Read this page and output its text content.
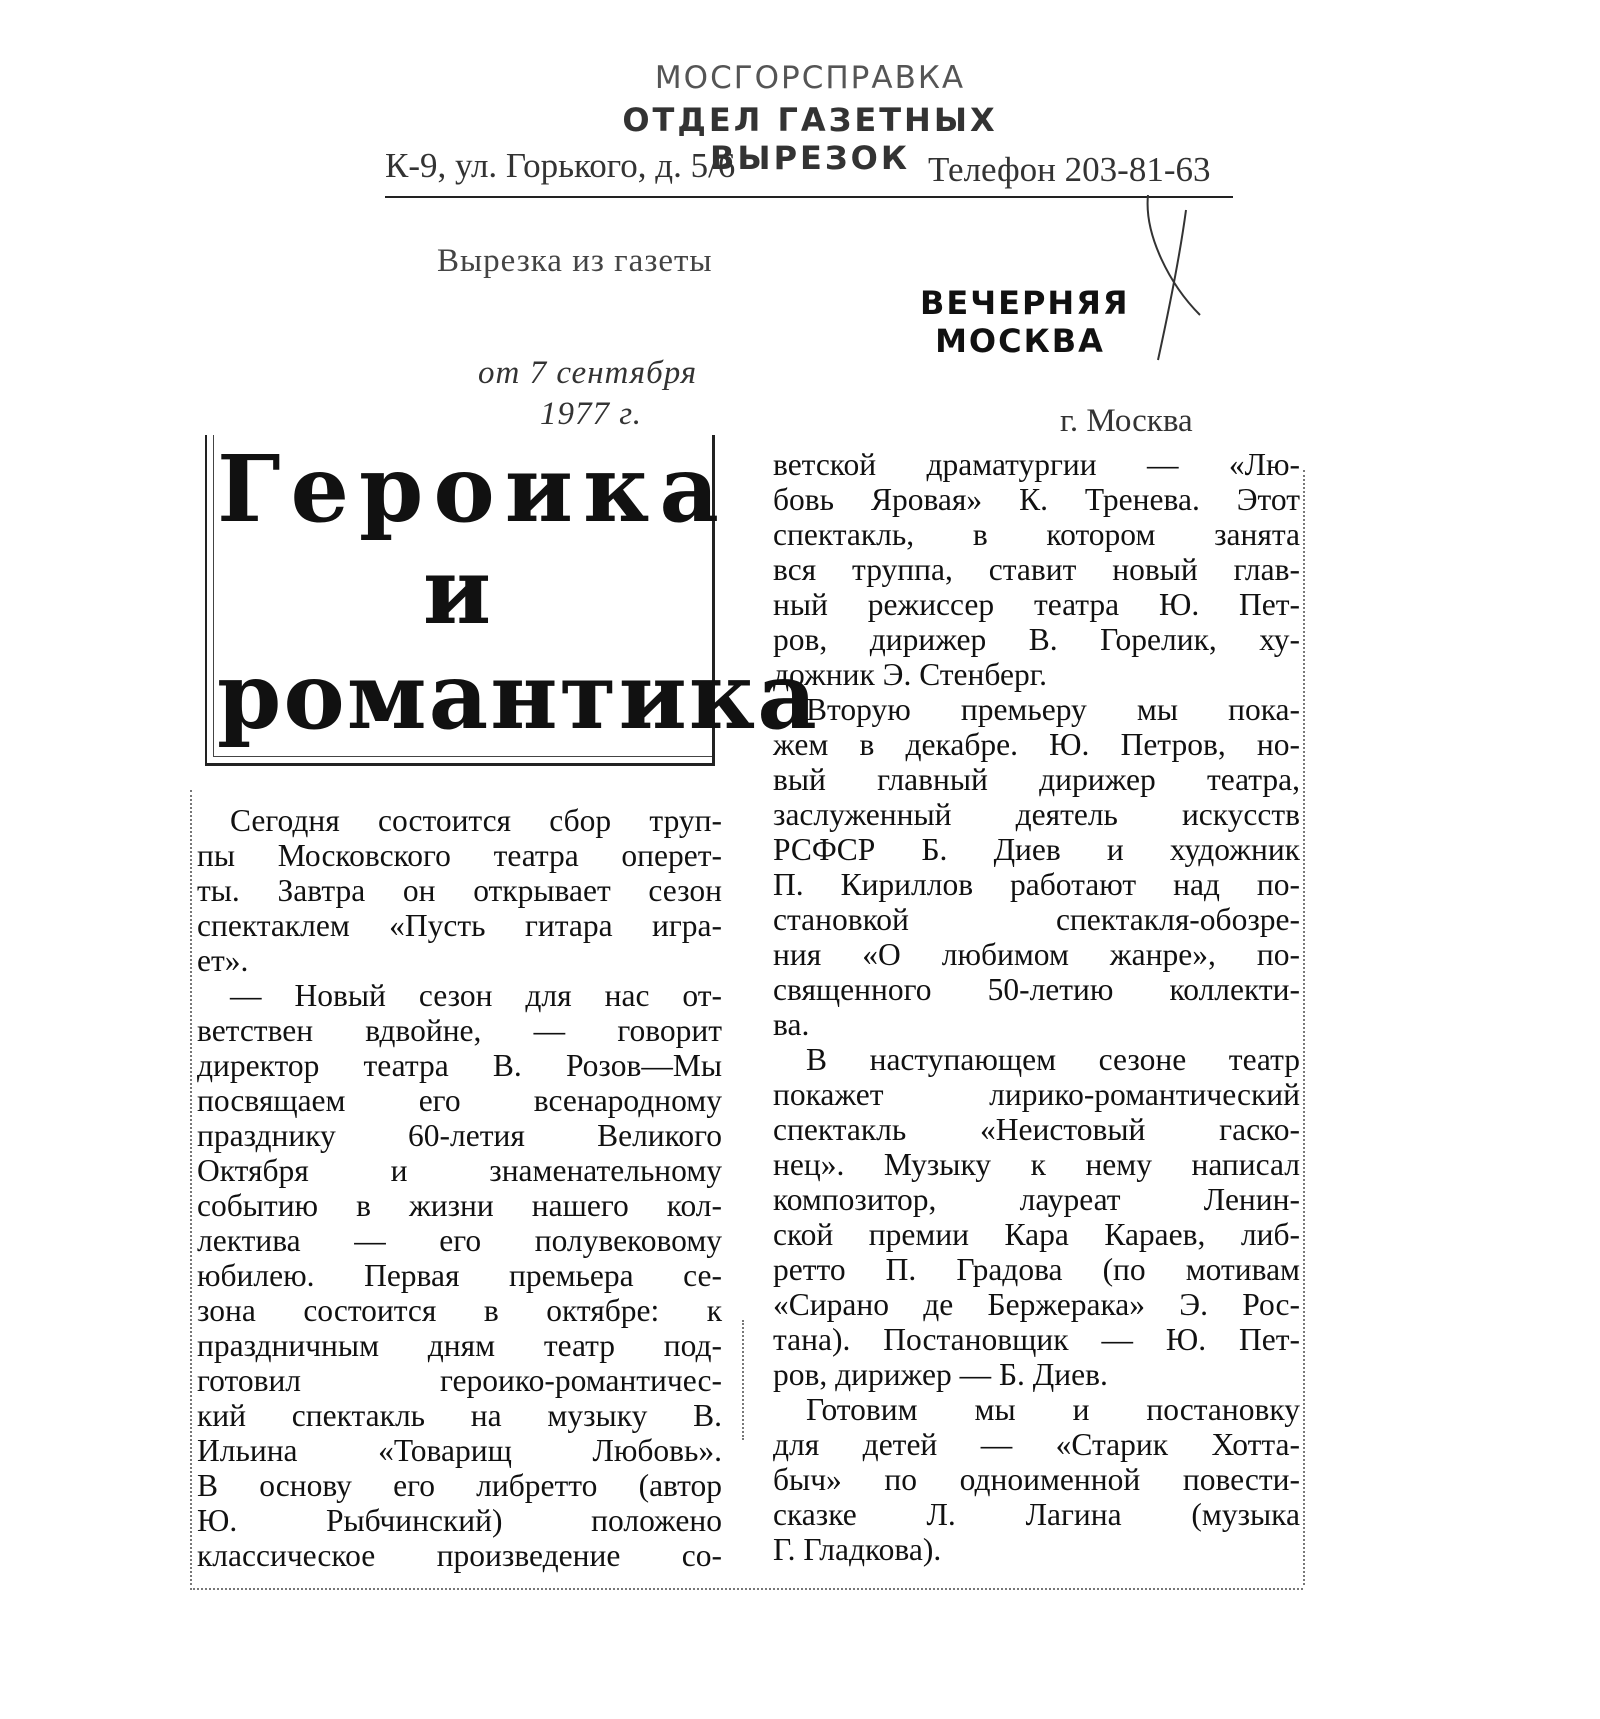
МОСГОРСПРАВКА
ОТДЕЛ ГАЗЕТНЫХ ВЫРЕЗОК
К-9, ул. Горького, д. 5/6	Телефон 203-81-63
Вырезка из газеты
ВЕЧЕРНЯЯ
МОСКВА
от 7 сентября
1977 г.	г. Москва
Героика
и
романтика

Сегодня состоится сбор труп-

пы Московского театра оперет-

ты. Завтра он открывает сезон

спектаклем «Пусть гитара игра-

ет».

— Новый сезон для нас от-

ветствен вдвойне, — говорит

директор театра В. Розов—Мы

посвящаем его всенародному

празднику 60-летия Великого

Октября и знаменательному

событию в жизни нашего кол-

лектива — его полувековому

юбилею. Первая премьера се-

зона состоится в октябре: к

праздничным дням театр под-

готовил героико-романтичес-

кий спектакль на музыку В.

Ильина «Товарищ Любовь».

В основу его либретто (автор

Ю. Рыбчинский) положено

классическое произведение со-

ветской драматургии — «Лю-

бовь Яровая» К. Тренева. Этот

спектакль, в котором занята

вся труппа, ставит новый глав-

ный режиссер театра Ю. Пет-

ров, дирижер В. Горелик, ху-

дожник Э. Стенберг.

Вторую премьеру мы пока-

жем в декабре. Ю. Петров, но-

вый главный дирижер театра,

заслуженный деятель искусств

РСФСР Б. Диев и художник

П. Кириллов работают над по-

становкой спектакля-обозре-

ния «О любимом жанре», по-

священного 50-летию коллекти-

ва.

В наступающем сезоне театр

покажет лирико-романтический

спектакль «Неистовый гаско-

нец». Музыку к нему написал

композитор, лауреат Ленин-

ской премии Кара Караев, либ-

ретто П. Градова (по мотивам

«Сирано де Бержерака» Э. Рос-

тана). Постановщик — Ю. Пет-

ров, дирижер — Б. Диев.

Готовим мы и постановку

для детей — «Старик Хотта-

быч» по одноименной повести-

сказке Л. Лагина (музыка

Г. Гладкова).
